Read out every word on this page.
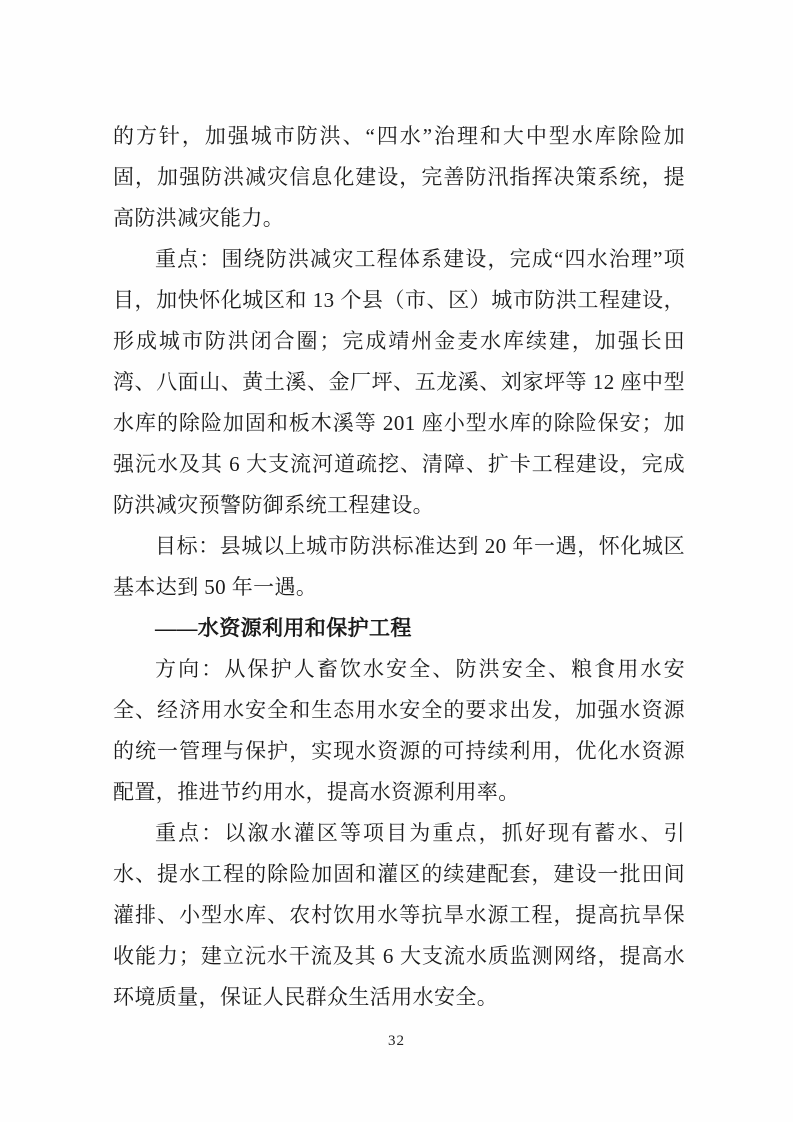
的方针，加强城市防洪、“四水”治理和大中型水库除险加固，加强防洪减灾信息化建设，完善防汛指挥决策系统，提高防洪减灾能力。

重点：围绕防洪减灾工程体系建设，完成“四水治理”项目，加快怀化城区和 13 个县（市、区）城市防洪工程建设，形成城市防洪闭合圈；完成靖州金麦水库续建，加强长田湾、八面山、黄土溪、金厂坪、五龙溪、刘家坪等 12 座中型水库的除险加固和板木溪等 201 座小型水库的除险保安；加强沅水及其 6 大支流河道疏挖、清障、扩卡工程建设，完成防洪减灾预警防御系统工程建设。

目标：县城以上城市防洪标准达到 20 年一遇，怀化城区基本达到 50 年一遇。

——水资源利用和保护工程

方向：从保护人畜饮水安全、防洪安全、粮食用水安全、经济用水安全和生态用水安全的要求出发，加强水资源的统一管理与保护，实现水资源的可持续利用，优化水资源配置，推进节约用水，提高水资源利用率。

重点：以溆水灌区等项目为重点，抓好现有蓄水、引水、提水工程的除险加固和灌区的续建配套，建设一批田间灌排、小型水库、农村饮用水等抗旱水源工程，提高抗旱保收能力；建立沅水干流及其 6 大支流水质监测网络，提高水环境质量，保证人民群众生活用水安全。

32
